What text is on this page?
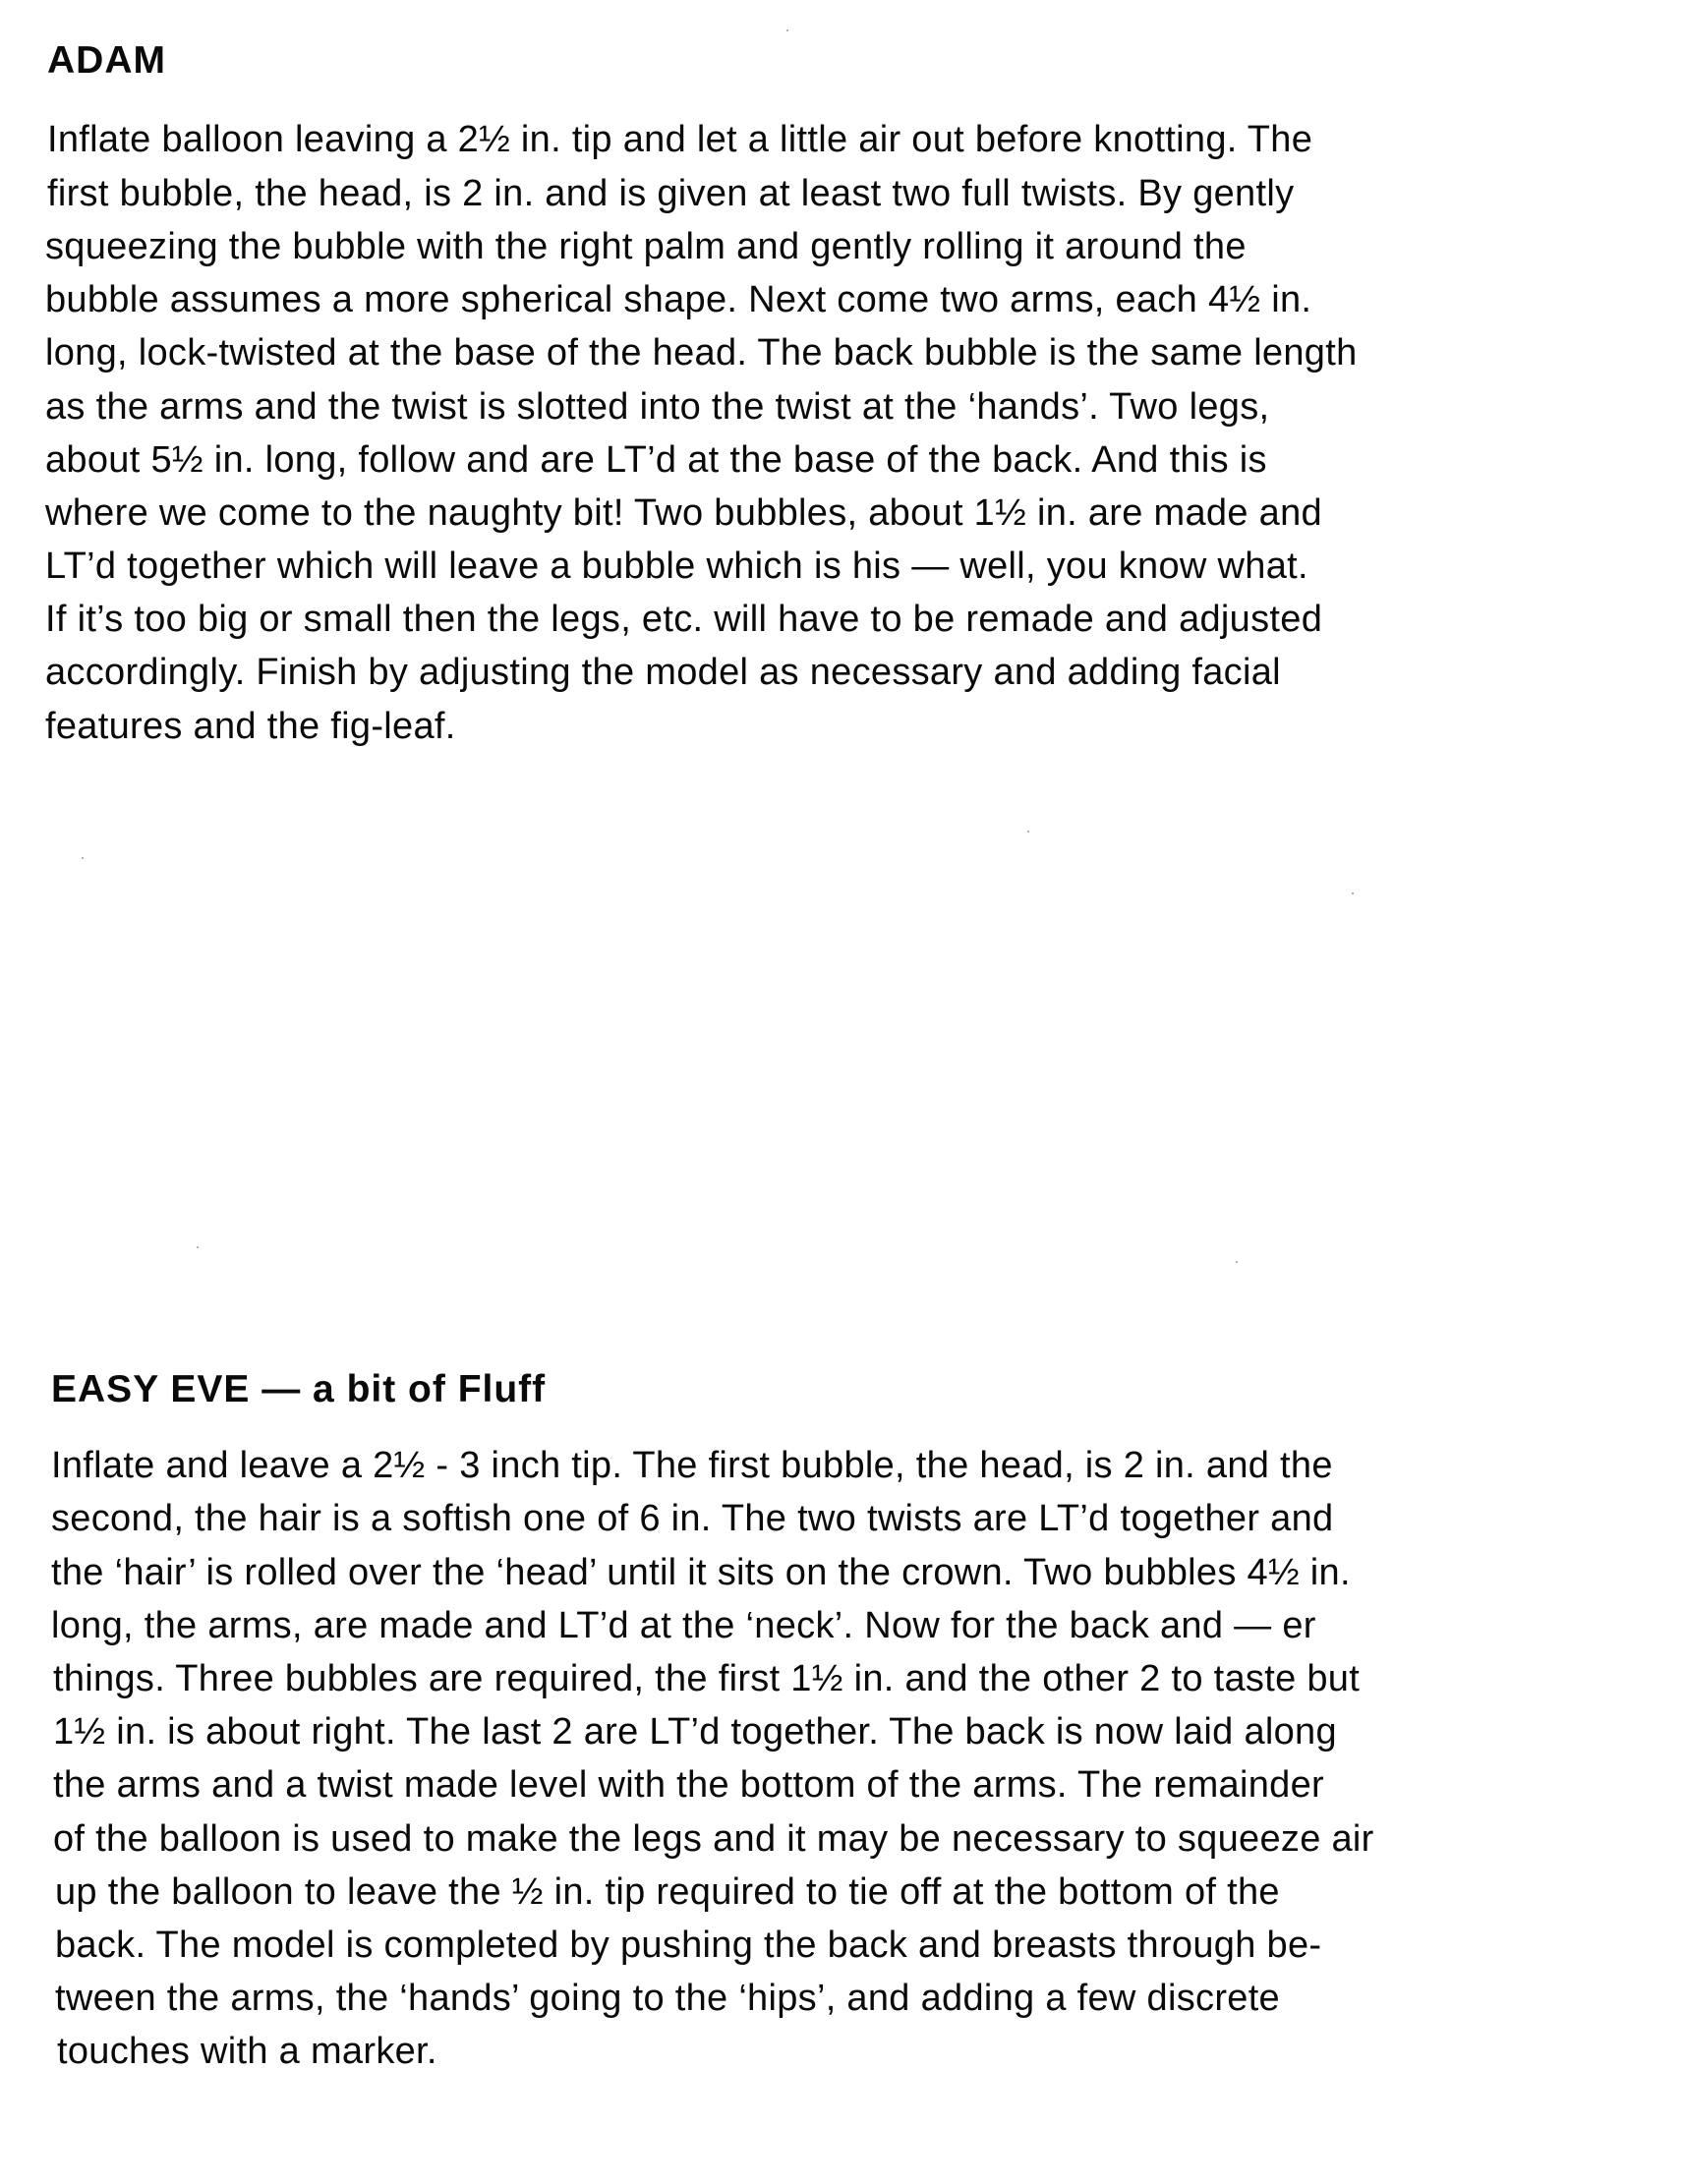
ADAM
Inflate balloon leaving a 2½ in. tip and let a little air out before knotting. The
first bubble, the head, is 2 in. and is given at least two full twists. By gently
squeezing the bubble with the right palm and gently rolling it around the
bubble assumes a more spherical shape. Next come two arms, each 4½ in.
long, lock-twisted at the base of the head. The back bubble is the same length
as the arms and the twist is slotted into the twist at the ‘hands’. Two legs,
about 5½ in. long, follow and are LT’d at the base of the back. And this is
where we come to the naughty bit! Two bubbles, about 1½ in. are made and
LT’d together which will leave a bubble which is his — well, you know what.
If it’s too big or small then the legs, etc. will have to be remade and adjusted
accordingly. Finish by adjusting the model as necessary and adding facial
features and the fig-leaf.
EASY EVE — a bit of Fluff
Inflate and leave a 2½ - 3 inch tip. The first bubble, the head, is 2 in. and the
second, the hair is a softish one of 6 in. The two twists are LT’d together and
the ‘hair’ is rolled over the ‘head’ until it sits on the crown. Two bubbles 4½ in.
long, the arms, are made and LT’d at the ‘neck’. Now for the back and — er
things. Three bubbles are required, the first 1½ in. and the other 2 to taste but
1½ in. is about right. The last 2 are LT’d together. The back is now laid along
the arms and a twist made level with the bottom of the arms. The remainder
of the balloon is used to make the legs and it may be necessary to squeeze air
up the balloon to leave the ½ in. tip required to tie off at the bottom of the
back. The model is completed by pushing the back and breasts through be-
tween the arms, the ‘hands’ going to the ‘hips’, and adding a few discrete
touches with a marker.
